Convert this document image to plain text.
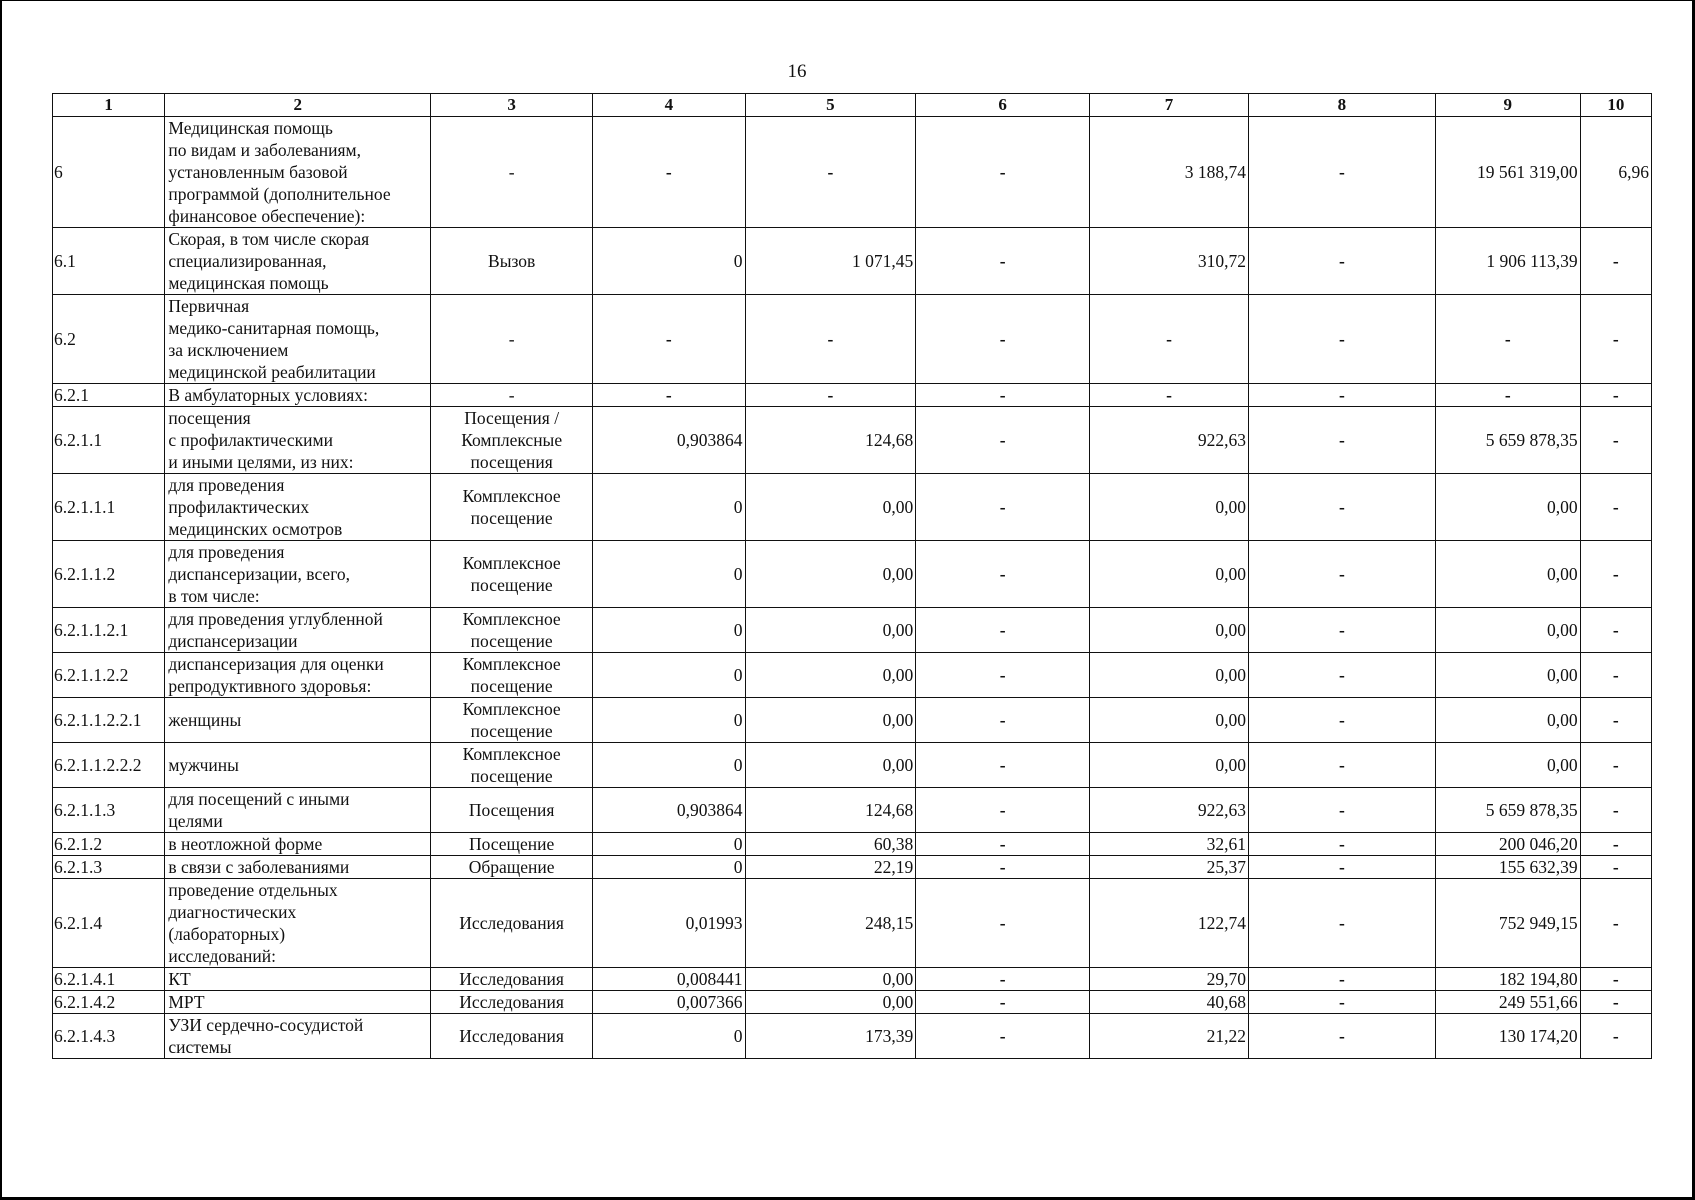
16
1	2	3	4	5	6	7	8	9	10
6	Медицинская помощь
по видам и заболеваниям,
установленным базовой
программой (дополнительное
финансовое обеспечение):	-	-	-	-	3 188,74	-	19 561 319,00	6,96
6.1	Скорая, в том числе скорая
специализированная,
медицинская помощь	Вызов	0	1 071,45	-	310,72	-	1 906 113,39	-
6.2	Первичная
медико-санитарная помощь,
за исключением
медицинской реабилитации	-	-	-	-	-	-	-	-
6.2.1	В амбулаторных условиях:	-	-	-	-	-	-	-	-
6.2.1.1	посещения
с профилактическими
и иными целями, из них:	Посещения /
Комплексные
посещения	0,903864	124,68	-	922,63	-	5 659 878,35	-
6.2.1.1.1	для проведения
профилактических
медицинских осмотров	Комплексное
посещение	0	0,00	-	0,00	-	0,00	-
6.2.1.1.2	для проведения
диспансеризации, всего,
в том числе:	Комплексное
посещение	0	0,00	-	0,00	-	0,00	-
6.2.1.1.2.1	для проведения углубленной
диспансеризации	Комплексное
посещение	0	0,00	-	0,00	-	0,00	-
6.2.1.1.2.2	диспансеризация для оценки
репродуктивного здоровья:	Комплексное
посещение	0	0,00	-	0,00	-	0,00	-
6.2.1.1.2.2.1	женщины	Комплексное
посещение	0	0,00	-	0,00	-	0,00	-
6.2.1.1.2.2.2	мужчины	Комплексное
посещение	0	0,00	-	0,00	-	0,00	-
6.2.1.1.3	для посещений с иными
целями	Посещения	0,903864	124,68	-	922,63	-	5 659 878,35	-
6.2.1.2	в неотложной форме	Посещение	0	60,38	-	32,61	-	200 046,20	-
6.2.1.3	в связи с заболеваниями	Обращение	0	22,19	-	25,37	-	155 632,39	-
6.2.1.4	проведение отдельных
диагностических
(лабораторных)
исследований:	Исследования	0,01993	248,15	-	122,74	-	752 949,15	-
6.2.1.4.1	КТ	Исследования	0,008441	0,00	-	29,70	-	182 194,80	-
6.2.1.4.2	МРТ	Исследования	0,007366	0,00	-	40,68	-	249 551,66	-
6.2.1.4.3	УЗИ сердечно-сосудистой
системы	Исследования	0	173,39	-	21,22	-	130 174,20	-
